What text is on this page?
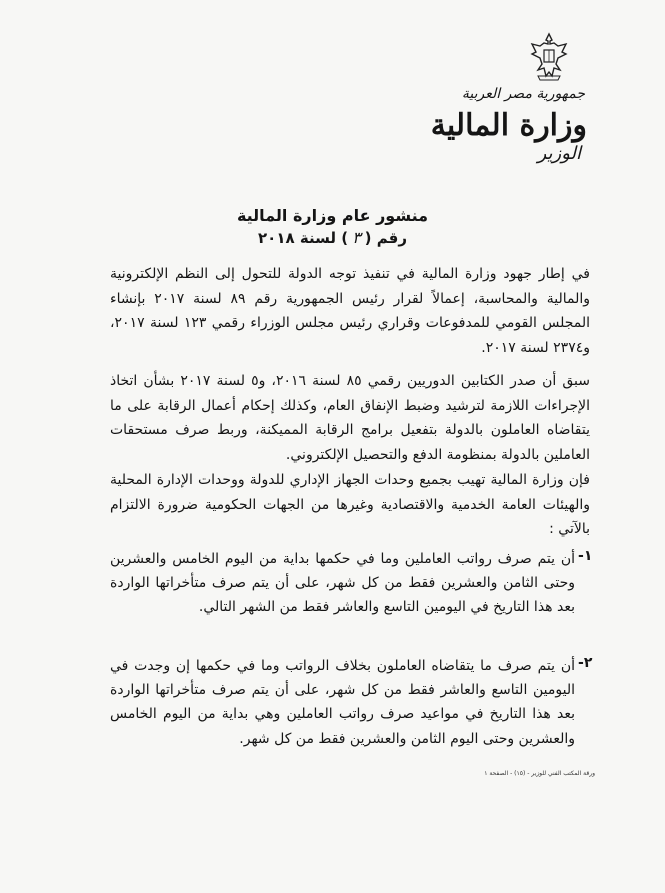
جمهورية مصر العربية
وزارة المالية
الوزير
منشور عام وزارة المالية
رقم (٣) لسنة ٢٠١٨
في إطار جهود وزارة المالية في تنفيذ توجه الدولة للتحول إلى النظم الإلكترونية والمالية والمحاسبة، إعمالاً لقرار رئيس الجمهورية رقم ٨٩ لسنة ٢٠١٧ بإنشاء المجلس القومي للمدفوعات وقراري رئيس مجلس الوزراء رقمي ١٢٣ لسنة ٢٠١٧، و٢٣٧٤ لسنة ٢٠١٧.
سبق أن صدر الكتابين الدوريين رقمي ٨٥ لسنة ٢٠١٦، و٥ لسنة ٢٠١٧ بشأن اتخاذ الإجراءات اللازمة لترشيد وضبط الإنفاق العام، وكذلك إحكام أعمال الرقابة على ما يتقاضاه العاملون بالدولة بتفعيل برامج الرقابة المميكنة، وربط صرف مستحقات العاملين بالدولة بمنظومة الدفع والتحصيل الإلكتروني.
فإن وزارة المالية تهيب بجميع وحدات الجهاز الإداري للدولة ووحدات الإدارة المحلية والهيئات العامة الخدمية والاقتصادية وغيرها من الجهات الحكومية ضرورة الالتزام بالآتي :
١-
أن يتم صرف رواتب العاملين وما في حكمها بداية من اليوم الخامس والعشرين وحتى الثامن والعشرين فقط من كل شهر، على أن يتم صرف متأخراتها الواردة بعد هذا التاريخ في اليومين التاسع والعاشر فقط من الشهر التالي.
٢-
أن يتم صرف ما يتقاضاه العاملون بخلاف الرواتب وما في حكمها إن وجدت في اليومين التاسع والعاشر فقط من كل شهر، على أن يتم صرف متأخراتها الواردة بعد هذا التاريخ في مواعيد صرف رواتب العاملين وهي بداية من اليوم الخامس والعشرين وحتى اليوم الثامن والعشرين فقط من كل شهر.
ورقة المكتب الفني للوزير - (١٥) - الصفحة ١
